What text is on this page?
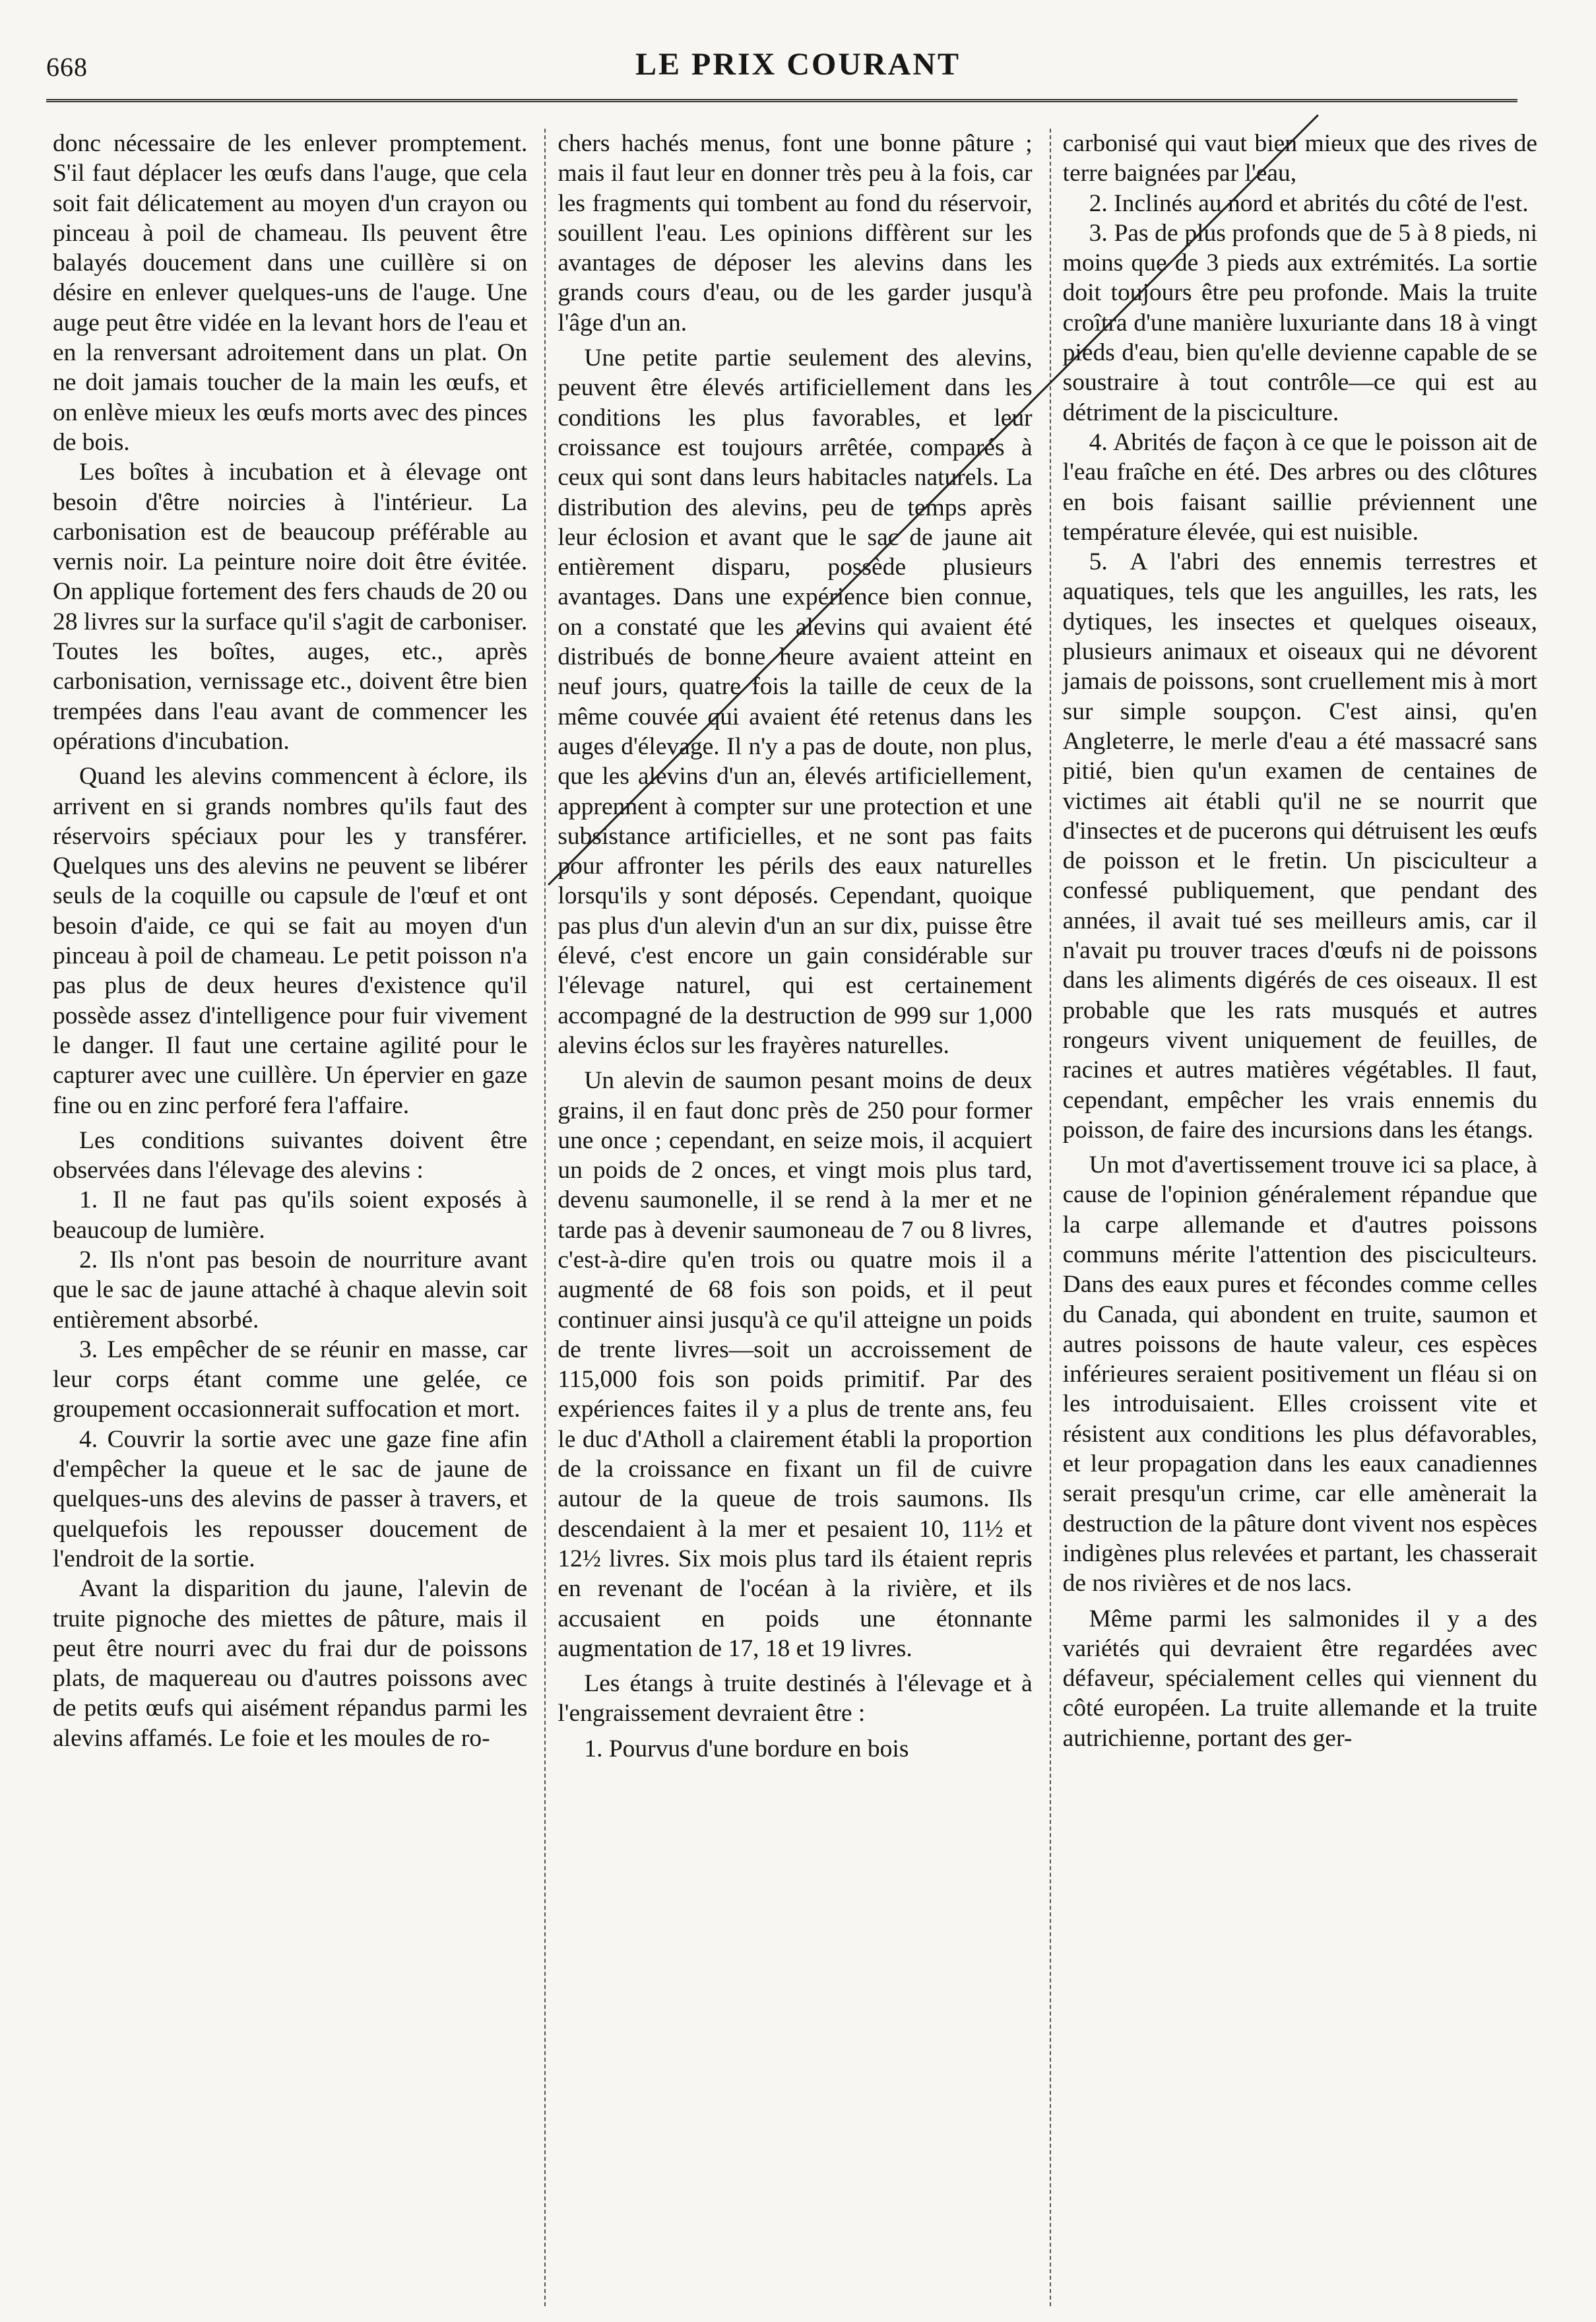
668	LE PRIX COURANT

donc nécessaire de les enlever promptement. S'il faut déplacer les œufs dans l'auge, que cela soit fait délicatement au moyen d'un crayon ou pinceau à poil de chameau. Ils peuvent être balayés doucement dans une cuillère si on désire en enlever quelques-uns de l'auge. Une auge peut être vidée en la levant hors de l'eau et en la renversant adroitement dans un plat. On ne doit jamais toucher de la main les œufs, et on enlève mieux les œufs morts avec des pinces de bois.

Les boîtes à incubation et à élevage ont besoin d'être noircies à l'intérieur. La carbonisation est de beaucoup préférable au vernis noir. La peinture noire doit être évitée. On applique fortement des fers chauds de 20 ou 28 livres sur la surface qu'il s'agit de carboniser. Toutes les boîtes, auges, etc., après carbonisation, vernissage etc., doivent être bien trempées dans l'eau avant de commencer les opérations d'incubation.

Quand les alevins commencent à éclore, ils arrivent en si grands nombres qu'ils faut des réservoirs spéciaux pour les y transférer. Quelques uns des alevins ne peuvent se libérer seuls de la coquille ou capsule de l'œuf et ont besoin d'aide, ce qui se fait au moyen d'un pinceau à poil de chameau. Le petit poisson n'a pas plus de deux heures d'existence qu'il possède assez d'intelligence pour fuir vivement le danger. Il faut une certaine agilité pour le capturer avec une cuillère. Un épervier en gaze fine ou en zinc perforé fera l'affaire.

Les conditions suivantes doivent être observées dans l'élevage des alevins :

1. Il ne faut pas qu'ils soient exposés à beaucoup de lumière.

2. Ils n'ont pas besoin de nourriture avant que le sac de jaune attaché à chaque alevin soit entièrement absorbé.

3. Les empêcher de se réunir en masse, car leur corps étant comme une gelée, ce groupement occasionnerait suffocation et mort.

4. Couvrir la sortie avec une gaze fine afin d'empêcher la queue et le sac de jaune de quelques-uns des alevins de passer à travers, et quelquefois les repousser doucement de l'endroit de la sortie.

Avant la disparition du jaune, l'alevin de truite pignoche des miettes de pâture, mais il peut être nourri avec du frai dur de poissons plats, de maquereau ou d'autres poissons avec de petits œufs qui aisément répandus parmi les alevins affamés. Le foie et les moules de ro-

chers hachés menus, font une bonne pâture ; mais il faut leur en donner très peu à la fois, car les fragments qui tombent au fond du réservoir, souillent l'eau. Les opinions diffèrent sur les avantages de déposer les alevins dans les grands cours d'eau, ou de les garder jusqu'à l'âge d'un an.

Une petite partie seulement des alevins, peuvent être élevés artificiellement dans les conditions les plus favorables, et leur croissance est toujours arrêtée, comparés à ceux qui sont dans leurs habitacles naturels. La distribution des alevins, peu de temps après leur éclosion et avant que le sac de jaune ait entièrement disparu, possède plusieurs avantages. Dans une expérience bien connue, on a constaté que les alevins qui avaient été distribués de bonne heure avaient atteint en neuf jours, quatre fois la taille de ceux de la même couvée qui avaient été retenus dans les auges d'élevage. Il n'y a pas de doute, non plus, que les alevins d'un an, élevés artificiellement, apprennent à compter sur une protection et une subsistance artificielles, et ne sont pas faits pour affronter les périls des eaux naturelles lorsqu'ils y sont déposés. Cependant, quoique pas plus d'un alevin d'un an sur dix, puisse être élevé, c'est encore un gain considérable sur l'élevage naturel, qui est certainement accompagné de la destruction de 999 sur 1,000 alevins éclos sur les frayères naturelles.

Un alevin de saumon pesant moins de deux grains, il en faut donc près de 250 pour former une once ; cependant, en seize mois, il acquiert un poids de 2 onces, et vingt mois plus tard, devenu saumonelle, il se rend à la mer et ne tarde pas à devenir saumoneau de 7 ou 8 livres, c'est-à-dire qu'en trois ou quatre mois il a augmenté de 68 fois son poids, et il peut continuer ainsi jusqu'à ce qu'il atteigne un poids de trente livres—soit un accroissement de 115,000 fois son poids primitif. Par des expériences faites il y a plus de trente ans, feu le duc d'Atholl a clairement établi la proportion de la croissance en fixant un fil de cuivre autour de la queue de trois saumons. Ils descendaient à la mer et pesaient 10, 11½ et 12½ livres. Six mois plus tard ils étaient repris en revenant de l'océan à la rivière, et ils accusaient en poids une étonnante augmentation de 17, 18 et 19 livres.

Les étangs à truite destinés à l'élevage et à l'engraissement devraient être :

1. Pourvus d'une bordure en bois

carbonisé qui vaut bien mieux que des rives de terre baignées par l'eau,

2. Inclinés au nord et abrités du côté de l'est.

3. Pas de plus profonds que de 5 à 8 pieds, ni moins que de 3 pieds aux extrémités. La sortie doit toujours être peu profonde. Mais la truite croîtra d'une manière luxuriante dans 18 à vingt pieds d'eau, bien qu'elle devienne capable de se soustraire à tout contrôle—ce qui est au détriment de la pisciculture.

4. Abrités de façon à ce que le poisson ait de l'eau fraîche en été. Des arbres ou des clôtures en bois faisant saillie préviennent une température élevée, qui est nuisible.

5. A l'abri des ennemis terrestres et aquatiques, tels que les anguilles, les rats, les dytiques, les insectes et quelques oiseaux, plusieurs animaux et oiseaux qui ne dévorent jamais de poissons, sont cruellement mis à mort sur simple soupçon. C'est ainsi, qu'en Angleterre, le merle d'eau a été massacré sans pitié, bien qu'un examen de centaines de victimes ait établi qu'il ne se nourrit que d'insectes et de pucerons qui détruisent les œufs de poisson et le fretin. Un pisciculteur a confessé publiquement, que pendant des années, il avait tué ses meilleurs amis, car il n'avait pu trouver traces d'œufs ni de poissons dans les aliments digérés de ces oiseaux. Il est probable que les rats musqués et autres rongeurs vivent uniquement de feuilles, de racines et autres matières végétables. Il faut, cependant, empêcher les vrais ennemis du poisson, de faire des incursions dans les étangs.

Un mot d'avertissement trouve ici sa place, à cause de l'opinion généralement répandue que la carpe allemande et d'autres poissons communs mérite l'attention des pisciculteurs. Dans des eaux pures et fécondes comme celles du Canada, qui abondent en truite, saumon et autres poissons de haute valeur, ces espèces inférieures seraient positivement un fléau si on les introduisaient. Elles croissent vite et résistent aux conditions les plus défavorables, et leur propagation dans les eaux canadiennes serait presqu'un crime, car elle amènerait la destruction de la pâture dont vivent nos espèces indigènes plus relevées et partant, les chasserait de nos rivières et de nos lacs.

Même parmi les salmonides il y a des variétés qui devraient être regardées avec défaveur, spécialement celles qui viennent du côté européen. La truite allemande et la truite autrichienne, portant des ger-
